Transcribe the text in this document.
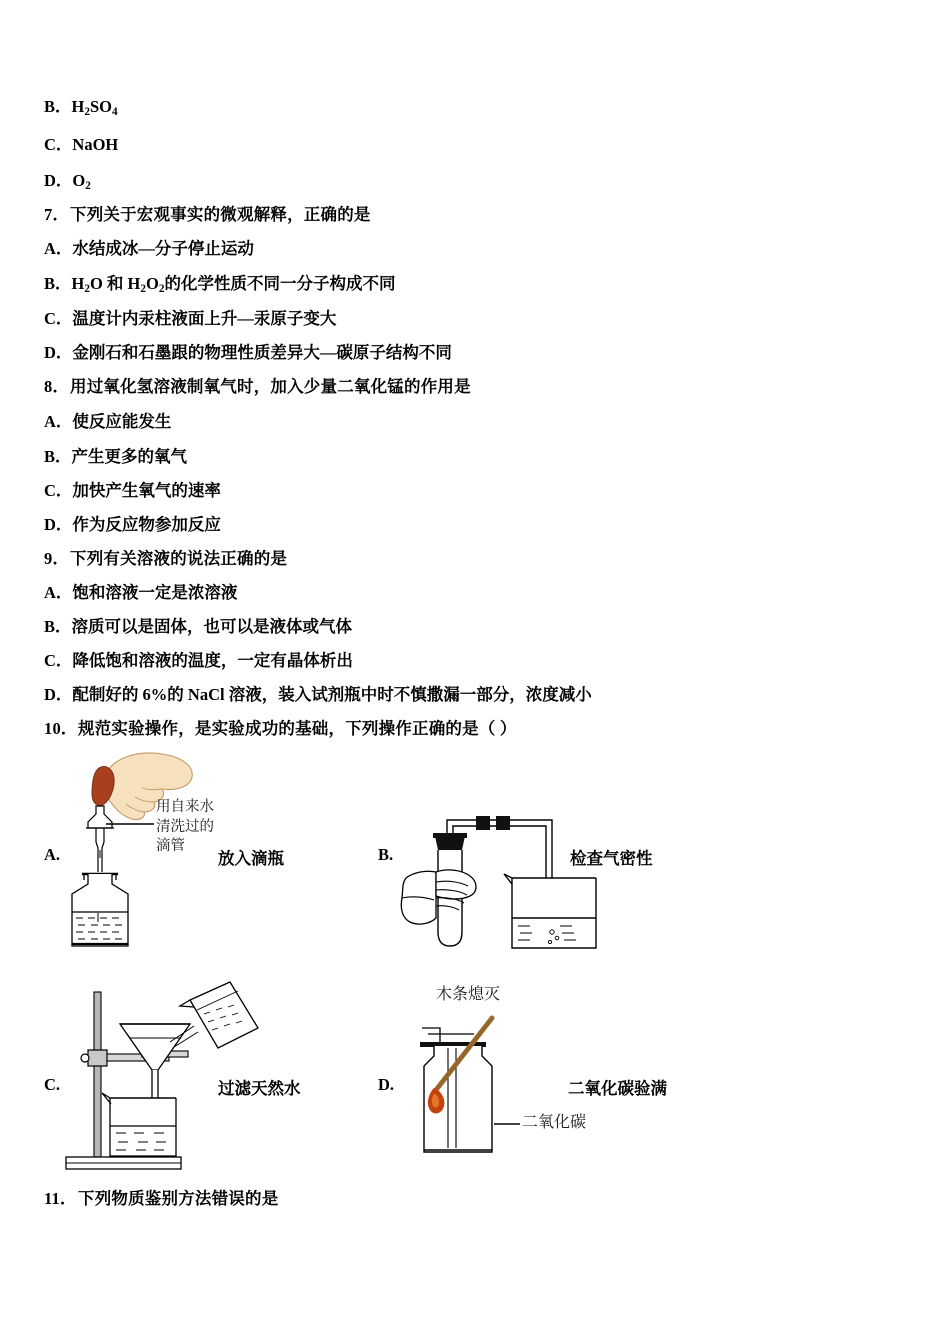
B．$H_2SO_4$
C．NaOH
D．$O_2$
7．下列关于宏观事实的微观解释，正确的是
A．水结成冰—分子停止运动
B．$H_2O$ 和 $H_2O_2$的化学性质不同一分子构成不同
C．温度计内汞柱液面上升—汞原子变大
D．金刚石和石墨跟的物理性质差异大—碳原子结构不同
8．用过氧化氢溶液制氧气时，加入少量二氧化锰的作用是
A．使反应能发生
B．产生更多的氧气
C．加快产生氧气的速率
D．作为反应物参加反应
9．下列有关溶液的说法正确的是
A．饱和溶液一定是浓溶液
B．溶质可以是固体，也可以是液体或气体
C．降低饱和溶液的温度，一定有晶体析出
D．配制好的 6%的 NaCl 溶液，装入试剂瓶中时不慎撒漏一部分，浓度减小
10．规范实验操作，是实验成功的基础，下列操作正确的是（ ）
11．下列物质鉴别方法错误的是
A.
用自来水
清洗过的
滴管
放入滴瓶	B.	检查气密性
C.	过滤天然水	D.
木条熄灭
二氧化碳
二氧化碳验满
